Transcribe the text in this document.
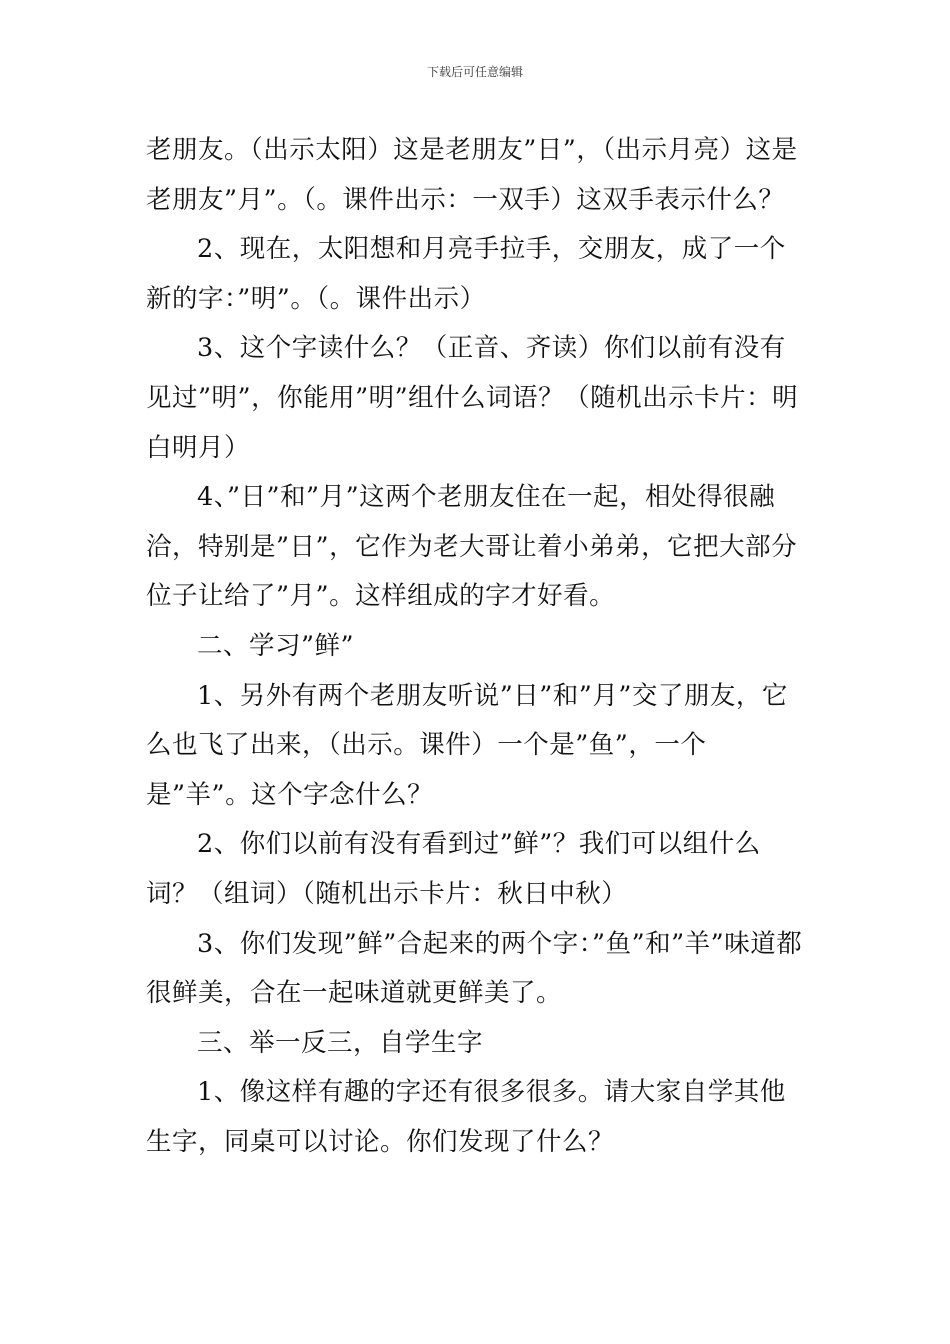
下载后可任意编辑

老朋友。（出示太阳）这是老朋友”日”，（出示月亮）这是老朋友”月”。（。课件出示：一双手）这双手表示什么？

2、现在，太阳想和月亮手拉手，交朋友，成了一个新的字：”明”。（。课件出示）

3、这个字读什么？（正音、齐读）你们以前有没有见过”明”，你能用”明”组什么词语？（随机出示卡片：明白明月）

4、”日”和”月”这两个老朋友住在一起，相处得很融洽，特别是”日”，它作为老大哥让着小弟弟，它把大部分位子让给了”月”。这样组成的字才好看。

二、学习”鲜”

1、另外有两个老朋友听说”日”和”月”交了朋友，它么也飞了出来，（出示。课件）一个是”鱼”，一个是”羊”。这个字念什么？

2、你们以前有没有看到过”鲜”？我们可以组什么词？（组词）（随机出示卡片：秋日中秋）

3、你们发现”鲜”合起来的两个字：”鱼”和”羊”味道都很鲜美，合在一起味道就更鲜美了。

三、举一反三，自学生字

1、像这样有趣的字还有很多很多。请大家自学其他生字，同桌可以讨论。你们发现了什么？
